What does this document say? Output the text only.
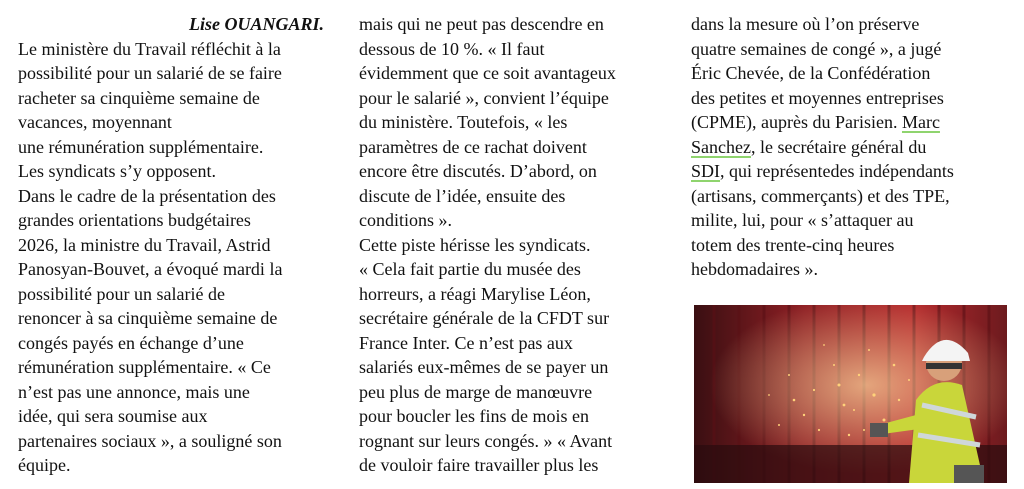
Lise OUANGARI.

Le ministère du Travail réfléchit à la

possibilité pour un salarié de se faire

racheter sa cinquième semaine de

vacances, moyennant

une rémunération supplémentaire.

Les syndicats s’y opposent.

Dans le cadre de la présentation des

grandes orientations budgétaires

2026, la ministre du Travail, Astrid

Panosyan-Bouvet, a évoqué mardi la

possibilité pour un salarié de

renoncer à sa cinquième semaine de

congés payés en échange d’une

rémunération supplémentaire. « Ce

n’est pas une annonce, mais une

idée, qui sera soumise aux

partenaires sociaux », a souligné son

équipe.

mais qui ne peut pas descendre en

dessous de 10 %. « Il faut

évidemment que ce soit avantageux

pour le salarié », convient l’équipe

du ministère. Toutefois, « les

paramètres de ce rachat doivent

encore être discutés. D’abord, on

discute de l’idée, ensuite des

conditions ».

Cette piste hérisse les syndicats.

« Cela fait partie du musée des

horreurs, a réagi Marylise Léon,

secrétaire générale de la CFDT sur

France Inter. Ce n’est pas aux

salariés eux-mêmes de se payer un

peu plus de marge de manœuvre

pour boucler les fins de mois en

rognant sur leurs congés. » « Avant

de vouloir faire travailler plus les

dans la mesure où l’on préserve

quatre semaines de congé », a jugé

Éric Chevée, de la Confédération

des petites et moyennes entreprises

(CPME), auprès du Parisien. Marc

Sanchez, le secrétaire général du

SDI, qui représentedes indépendants

(artisans, commerçants) et des TPE,

milite, lui, pour « s’attaquer au

totem des trente-cinq heures

hebdomadaires ».
